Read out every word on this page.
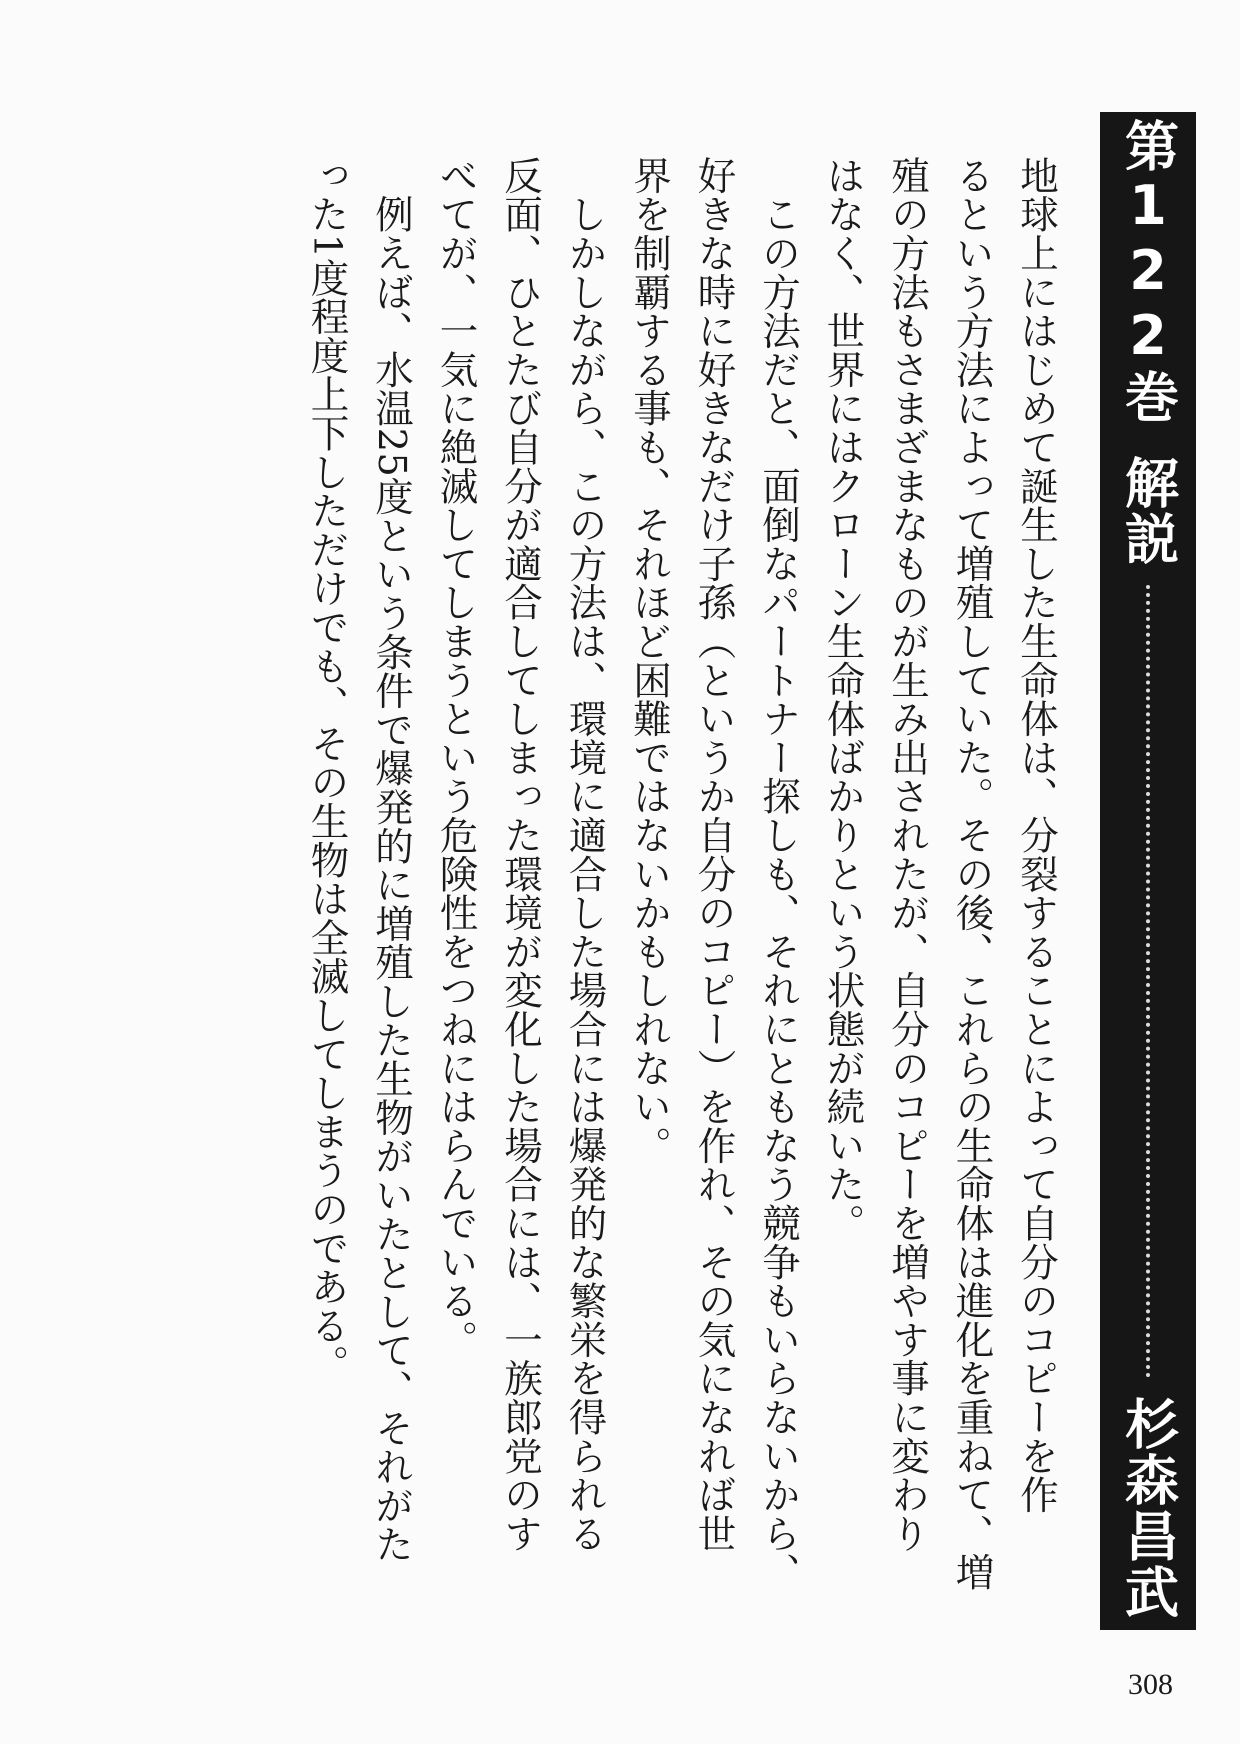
第122巻解説
杉森昌武

地球上にはじめて誕生した生命体は、分裂することによって自分のコピーを作

るという方法によって増殖していた。その後、これらの生命体は進化を重ねて、増

殖の方法もさまざまなものが生み出されたが、自分のコピーを増やす事に変わり

はなく、世界にはクローン生命体ばかりという状態が続いた。

　この方法だと、面倒なパートナー探しも、それにともなう競争もいらないから、

好きな時に好きなだけ子孫（というか自分のコピー）を作れ、その気になれば世

界を制覇する事も、それほど困難ではないかもしれない。

　しかしながら、この方法は、環境に適合した場合には爆発的な繁栄を得られる

反面、ひとたび自分が適合してしまった環境が変化した場合には、一族郎党のす

べてが、一気に絶滅してしまうという危険性をつねにはらんでいる。

　例えば、水温25度という条件で爆発的に増殖した生物がいたとして、それがた

った1度程度上下しただけでも、その生物は全滅してしまうのである。

308
